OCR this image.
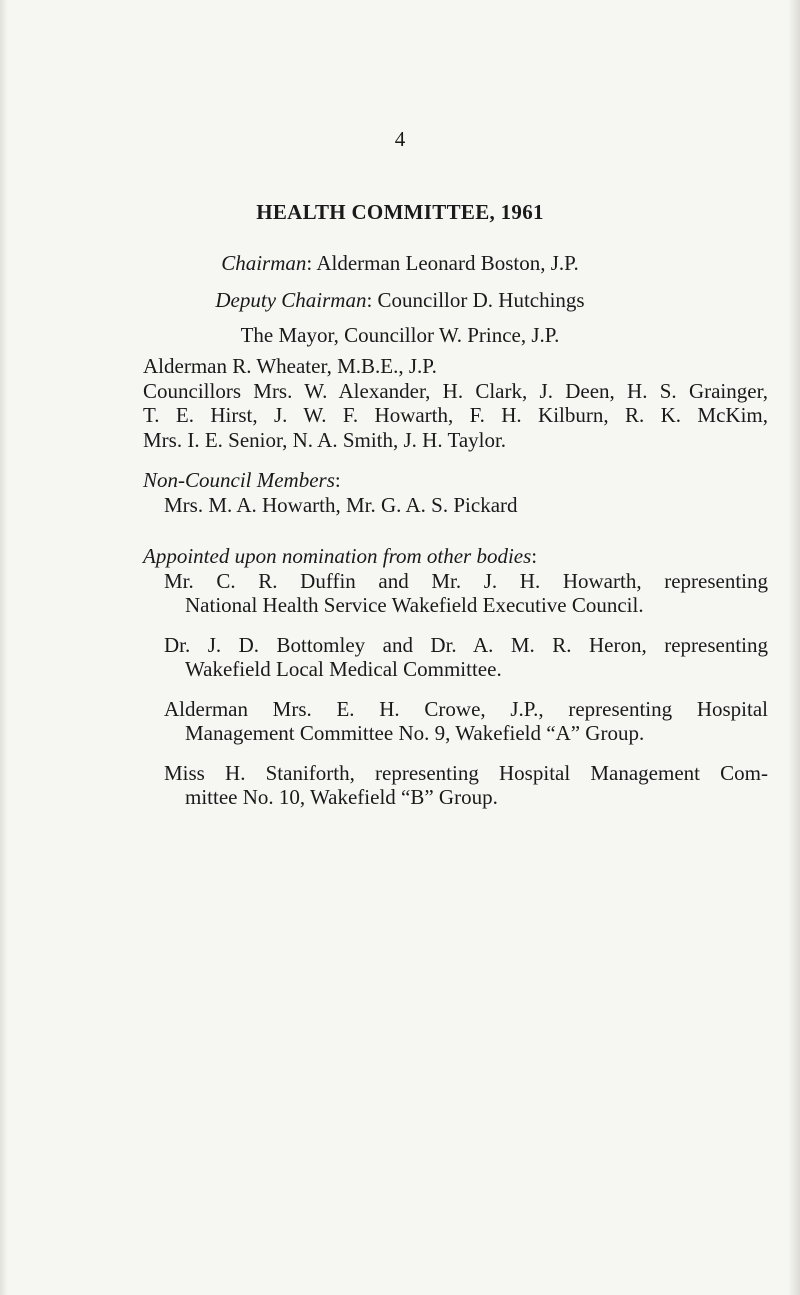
4
HEALTH COMMITTEE, 1961
Chairman: Alderman Leonard Boston, J.P.
Deputy Chairman: Councillor D. Hutchings
The Mayor, Councillor W. Prince, J.P.
Alderman R. Wheater, M.B.E., J.P.
Councillors Mrs. W. Alexander, H. Clark, J. Deen, H. S. Grainger,
T. E. Hirst, J. W. F. Howarth, F. H. Kilburn, R. K. McKim,
Mrs. I. E. Senior, N. A. Smith, J. H. Taylor.
Non-Council Members:
Mrs. M. A. Howarth, Mr. G. A. S. Pickard
Appointed upon nomination from other bodies:
Mr. C. R. Duffin and Mr. J. H. Howarth, representing
National Health Service Wakefield Executive Council.
Dr. J. D. Bottomley and Dr. A. M. R. Heron, representing
Wakefield Local Medical Committee.
Alderman Mrs. E. H. Crowe, J.P., representing Hospital
Management Committee No. 9, Wakefield “A” Group.
Miss H. Staniforth, representing Hospital Management Com-
mittee No. 10, Wakefield “B” Group.
